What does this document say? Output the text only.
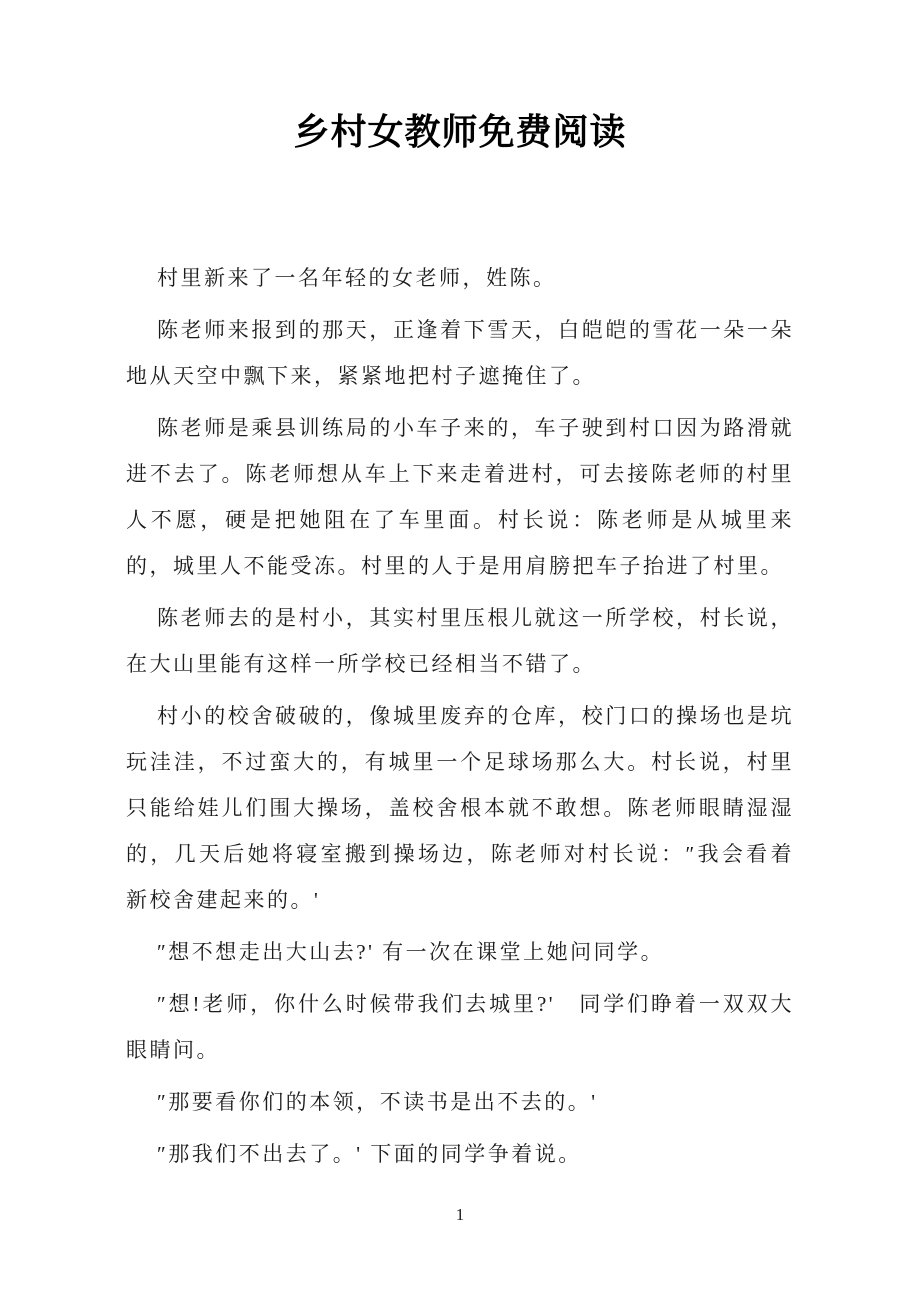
乡村女教师免费阅读

村里新来了一名年轻的女老师，姓陈。

陈老师来报到的那天，正逢着下雪天，白皑皑的雪花一朵一朵地从天空中飘下来，紧紧地把村子遮掩住了。

陈老师是乘县训练局的小车子来的，车子驶到村口因为路滑就进不去了。陈老师想从车上下来走着进村，可去接陈老师的村里人不愿，硬是把她阻在了车里面。村长说：陈老师是从城里来的，城里人不能受冻。村里的人于是用肩膀把车子抬进了村里。

陈老师去的是村小，其实村里压根儿就这一所学校，村长说，在大山里能有这样一所学校已经相当不错了。

村小的校舍破破的，像城里废弃的仓库，校门口的操场也是坑玩洼洼，不过蛮大的，有城里一个足球场那么大。村长说，村里只能给娃儿们围大操场，盖校舍根本就不敢想。陈老师眼睛湿湿的，几天后她将寝室搬到操场边，陈老师对村长说：″我会看着新校舍建起来的。'

″想不想走出大山去?' 有一次在课堂上她问同学。

″想!老师，你什么时候带我们去城里?'　同学们睁着一双双大眼睛问。

″那要看你们的本领，不读书是出不去的。'

″那我们不出去了。' 下面的同学争着说。

1
